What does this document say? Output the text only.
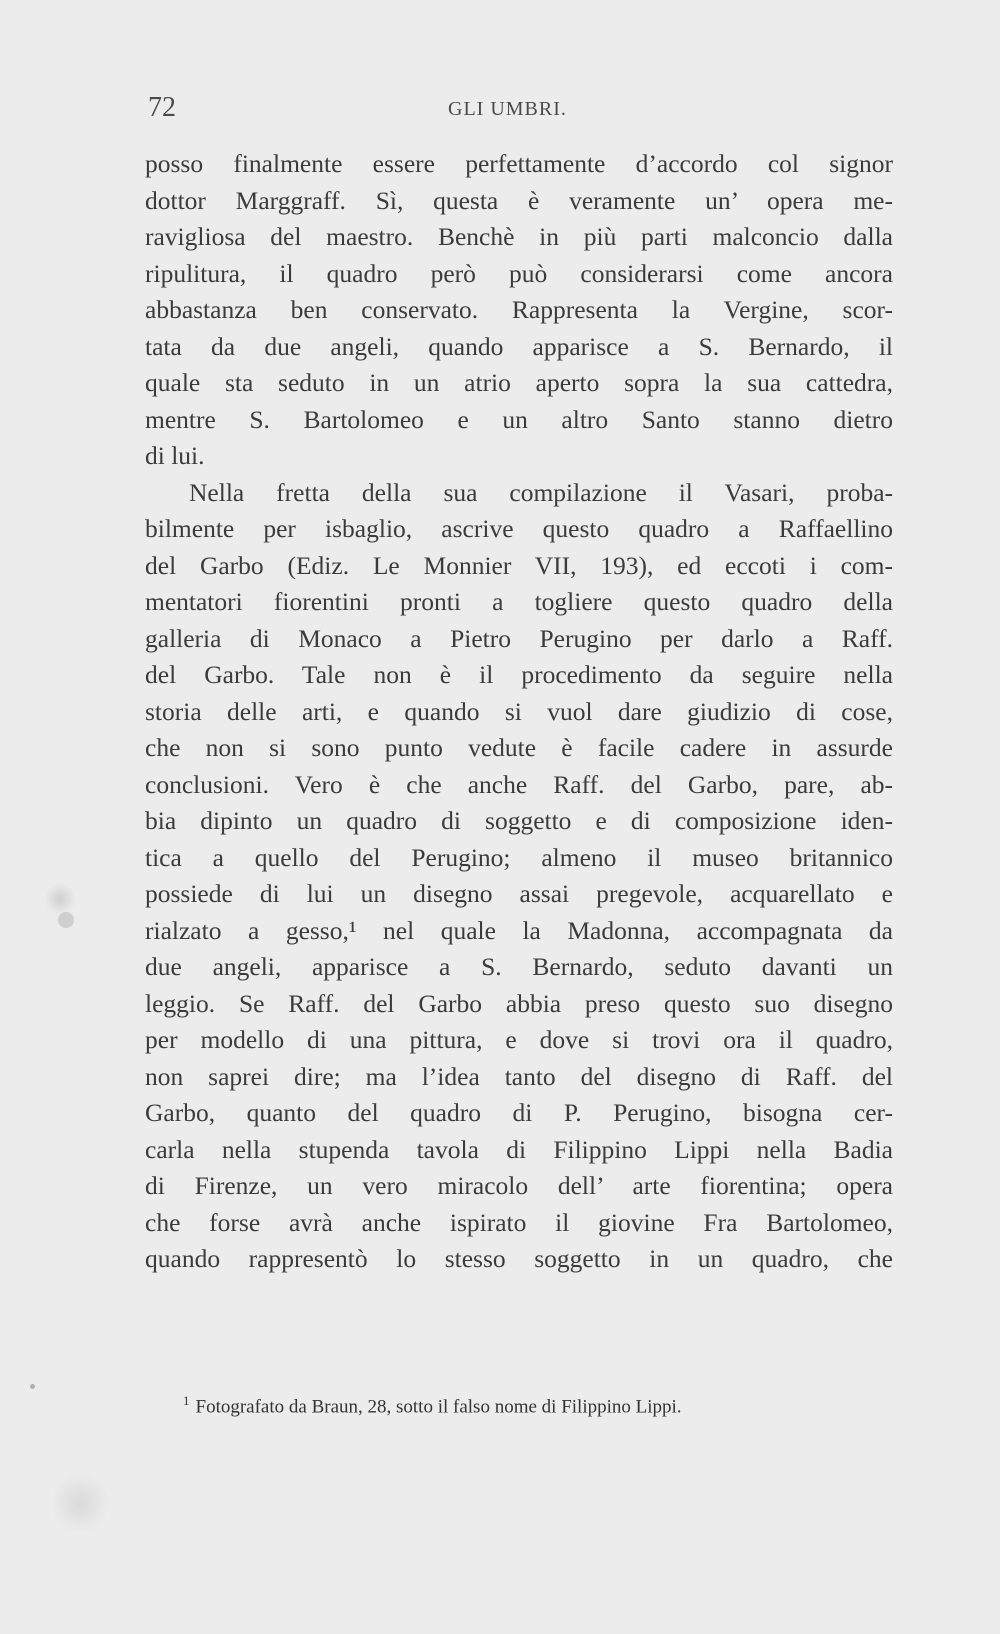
72	GLI UMBRI.
posso finalmente essere perfettamente d’accordo col signor
dottor Marggraff. Sì, questa è veramente un’ opera me-
ravigliosa del maestro. Benchè in più parti malconcio dalla
ripulitura, il quadro però può considerarsi come ancora
abbastanza ben conservato. Rappresenta la Vergine, scor-
tata da due angeli, quando apparisce a S. Bernardo, il
quale sta seduto in un atrio aperto sopra la sua cattedra,
mentre S. Bartolomeo e un altro Santo stanno dietro
di lui.
Nella fretta della sua compilazione il Vasari, proba-
bilmente per isbaglio, ascrive questo quadro a Raffaellino
del Garbo (Ediz. Le Monnier VII, 193), ed eccoti i com-
mentatori fiorentini pronti a togliere questo quadro della
galleria di Monaco a Pietro Perugino per darlo a Raff.
del Garbo. Tale non è il procedimento da seguire nella
storia delle arti, e quando si vuol dare giudizio di cose,
che non si sono punto vedute è facile cadere in assurde
conclusioni. Vero è che anche Raff. del Garbo, pare, ab-
bia dipinto un quadro di soggetto e di composizione iden-
tica a quello del Perugino; almeno il museo britannico
possiede di lui un disegno assai pregevole, acquarellato e
rialzato a gesso,¹ nel quale la Madonna, accompagnata da
due angeli, apparisce a S. Bernardo, seduto davanti un
leggio. Se Raff. del Garbo abbia preso questo suo disegno
per modello di una pittura, e dove si trovi ora il quadro,
non saprei dire; ma l’idea tanto del disegno di Raff. del
Garbo, quanto del quadro di P. Perugino, bisogna cer-
carla nella stupenda tavola di Filippino Lippi nella Badia
di Firenze, un vero miracolo dell’ arte fiorentina; opera
che forse avrà anche ispirato il giovine Fra Bartolomeo,
quando rappresentò lo stesso soggetto in un quadro, che
$^1$ Fotografato da Braun, 28, sotto il falso nome di Filippino Lippi.
